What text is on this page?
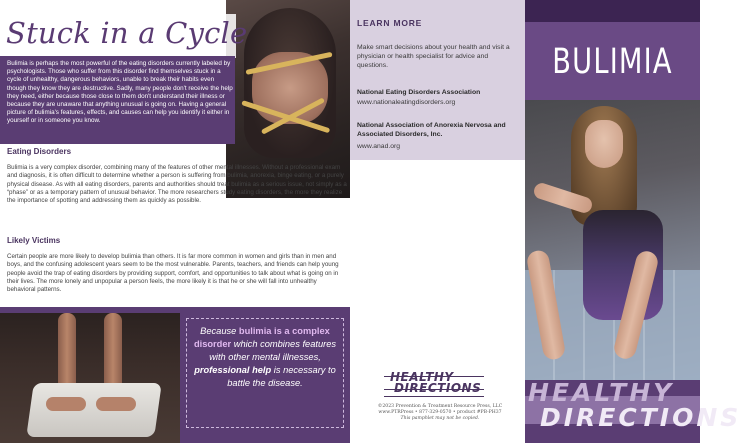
Stuck in a Cycle

Bulimia is perhaps the most powerful of the eating disorders currently labeled by psychologists. Those who suffer from this disorder find themselves stuck in a cycle of unhealthy, dangerous behaviors, unable to break their habits even though they know they are destructive. Sadly, many people don't receive the help they need, either because those close to them don't understand their illness or because they are unaware that anything unusual is going on. Having a general picture of bulimia's features, effects, and causes can help you identify it either in yourself or in someone you know.

Eating Disorders

Bulimia is a very complex disorder, combining many of the features of other mental illnesses. Without a professional exam and diagnosis, it is often difficult to determine whether a person is suffering from bulimia, anorexia, binge eating, or a purely physical disease. As with all eating disorders, parents and authorities should treat bulimia as a serious issue, not simply as a “phase” or as a temporary pattern of unusual behavior. The more researchers study eating disorders, the more they realize the importance of spotting and addressing them as quickly as possible.

Likely Victims

Certain people are more likely to develop bulimia than others. It is far more common in women and girls than in men and boys, and the confusing adolescent years seem to be the most vulnerable. Parents, teachers, and friends can help young people avoid the trap of eating disorders by providing support, comfort, and opportunities to talk about what is going on in their lives. The more lonely and unpopular a person feels, the more likely it is that he or she will fall into unhealthy behavioral patterns.

Because bulimia is a complex disorder which combines features with other mental illnesses, professional help is necessary to battle the disease.

LEARN MORE

Make smart decisions about your health and visit a physician or health specialist for advice and questions.

National Eating Disorders Association
www.nationaleatingdisorders.org
National Association of Anorexia Nervosa and Associated Disorders, Inc.
www.anad.org
HEALTHY
DIRECTIONS
©2023 Prevention & Treatment Resource Press, LLC
www.PTRPress • 877-329-0570 • product #PB-PH37
This pamphlet may not be copied.
BULIMIA
HEALTHY
DIRECTIONS
